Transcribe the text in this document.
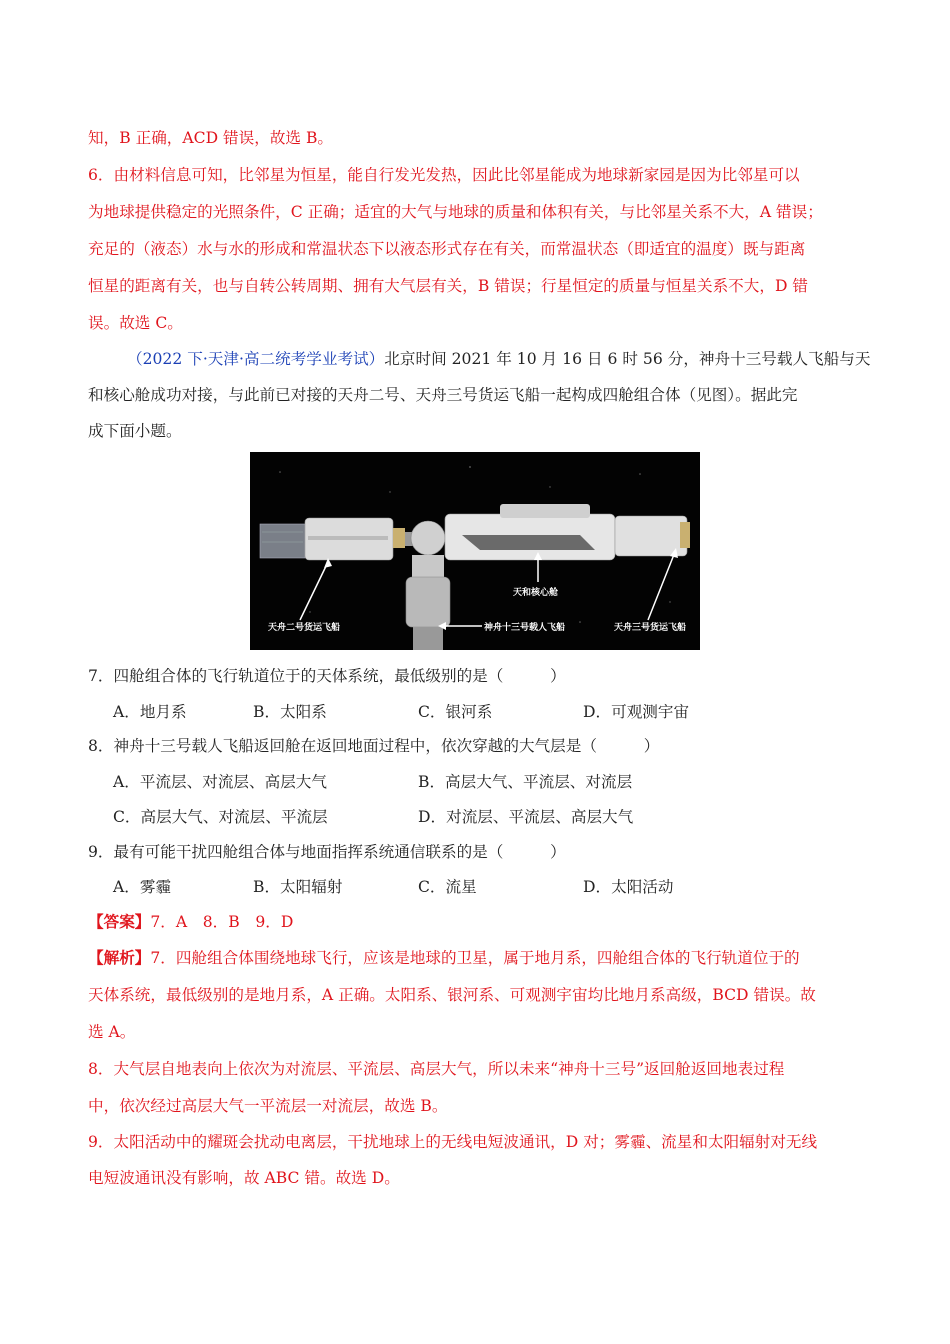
知，B 正确，ACD 错误，故选 B。
6．由材料信息可知，比邻星为恒星，能自行发光发热，因此比邻星能成为地球新家园是因为比邻星可以
为地球提供稳定的光照条件，C 正确；适宜的大气与地球的质量和体积有关，与比邻星关系不大，A 错误；
充足的（液态）水与水的形成和常温状态下以液态形式存在有关，而常温状态（即适宜的温度）既与距离
恒星的距离有关，也与自转公转周期、拥有大气层有关，B 错误；行星恒定的质量与恒星关系不大，D 错
误。故选 C。
（2022 下·天津·高二统考学业考试）北京时间 2021 年 10 月 16 日 6 时 56 分，神舟十三号载人飞船与天
和核心舱成功对接，与此前已对接的天舟二号、天舟三号货运飞船一起构成四舱组合体（见图）。据此完
成下面小题。
天舟二号货运飞船	神舟十三号载人飞船
天和核心舱
天舟三号货运飞船
7．四舱组合体的飞行轨道位于的天体系统，最低级别的是（　　　）
A．地月系	B．太阳系	C．银河系	D．可观测宇宙
8．神舟十三号载人飞船返回舱在返回地面过程中，依次穿越的大气层是（　　　）
A．平流层、对流层、高层大气	B．高层大气、平流层、对流层
C．高层大气、对流层、平流层	D．对流层、平流层、高层大气
9．最有可能干扰四舱组合体与地面指挥系统通信联系的是（　　　）
A．雾霾	B．太阳辐射	C．流星	D．太阳活动
【答案】7．A　8．B　9．D
【解析】7．四舱组合体围绕地球飞行，应该是地球的卫星，属于地月系，四舱组合体的飞行轨道位于的
天体系统，最低级别的是地月系，A 正确。太阳系、银河系、可观测宇宙均比地月系高级，BCD 错误。故
选 A。
8．大气层自地表向上依次为对流层、平流层、高层大气，所以未来“神舟十三号”返回舱返回地表过程
中，依次经过高层大气一平流层一对流层，故选 B。
9．太阳活动中的耀斑会扰动电离层，干扰地球上的无线电短波通讯，D 对；雾霾、流星和太阳辐射对无线
电短波通讯没有影响，故 ABC 错。故选 D。
